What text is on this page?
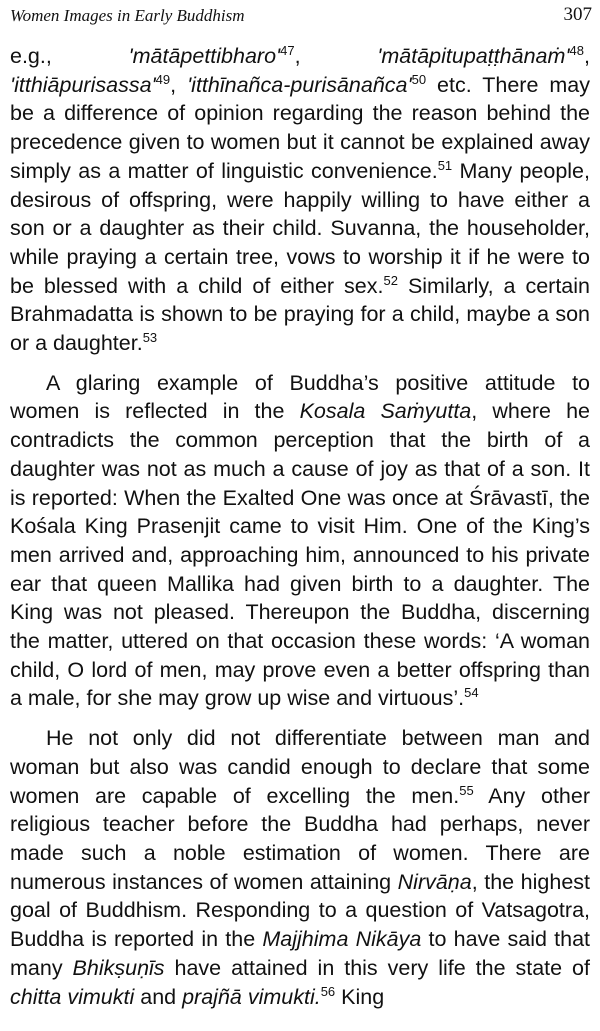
Women Images in Early Buddhism	307

e.g.,	'$mātāpettibharo'^{47}$,	'$mātāpitupaṭṭhānaṁ'^{48}$,
'$itthiāpurisassa'^{49}$, '$itthīnañca-purisānañca'^{50}$ etc. There may be a difference of opinion regarding the reason behind the precedence given to women but it cannot be explained away simply as a matter of linguistic convenience.$^{51}$ Many people, desirous of offspring, were happily willing to have either a son or a daughter as their child. Suvanna, the householder, while praying a certain tree, vows to worship it if he were to be blessed with a child of either sex.$^{52}$ Similarly, a certain Brahmadatta is shown to be praying for a child, maybe a son or a daughter.$^{53}$

A glaring example of Buddha’s positive attitude to women is reflected in the Kosala Saṁyutta, where he contradicts the common perception that the birth of a daughter was not as much a cause of joy as that of a son. It is reported: When the Exalted One was once at Śrāvastī, the Kośala King Prasenjit came to visit Him. One of the King’s men arrived and, approaching him, announced to his private ear that queen Mallika had given birth to a daughter. The King was not pleased. Thereupon the Buddha, discerning the matter, uttered on that occasion these words: ‘A woman child, O lord of men, may prove even a better offspring than a male, for she may grow up wise and virtuous’.$^{54}$

He not only did not differentiate between man and woman but also was candid enough to declare that some women are capable of excelling the men.$^{55}$ Any other religious teacher before the Buddha had perhaps, never made such a noble estimation of women. There are numerous instances of women attaining Nirvāṇa, the highest goal of Buddhism. Responding to a question of Vatsagotra, Buddha is reported in the Majjhima Nikāya to have said that many Bhikṣuṇīs have attained in this very life the state of chitta vimukti and prajñā vimukti.$^{56}$ King
